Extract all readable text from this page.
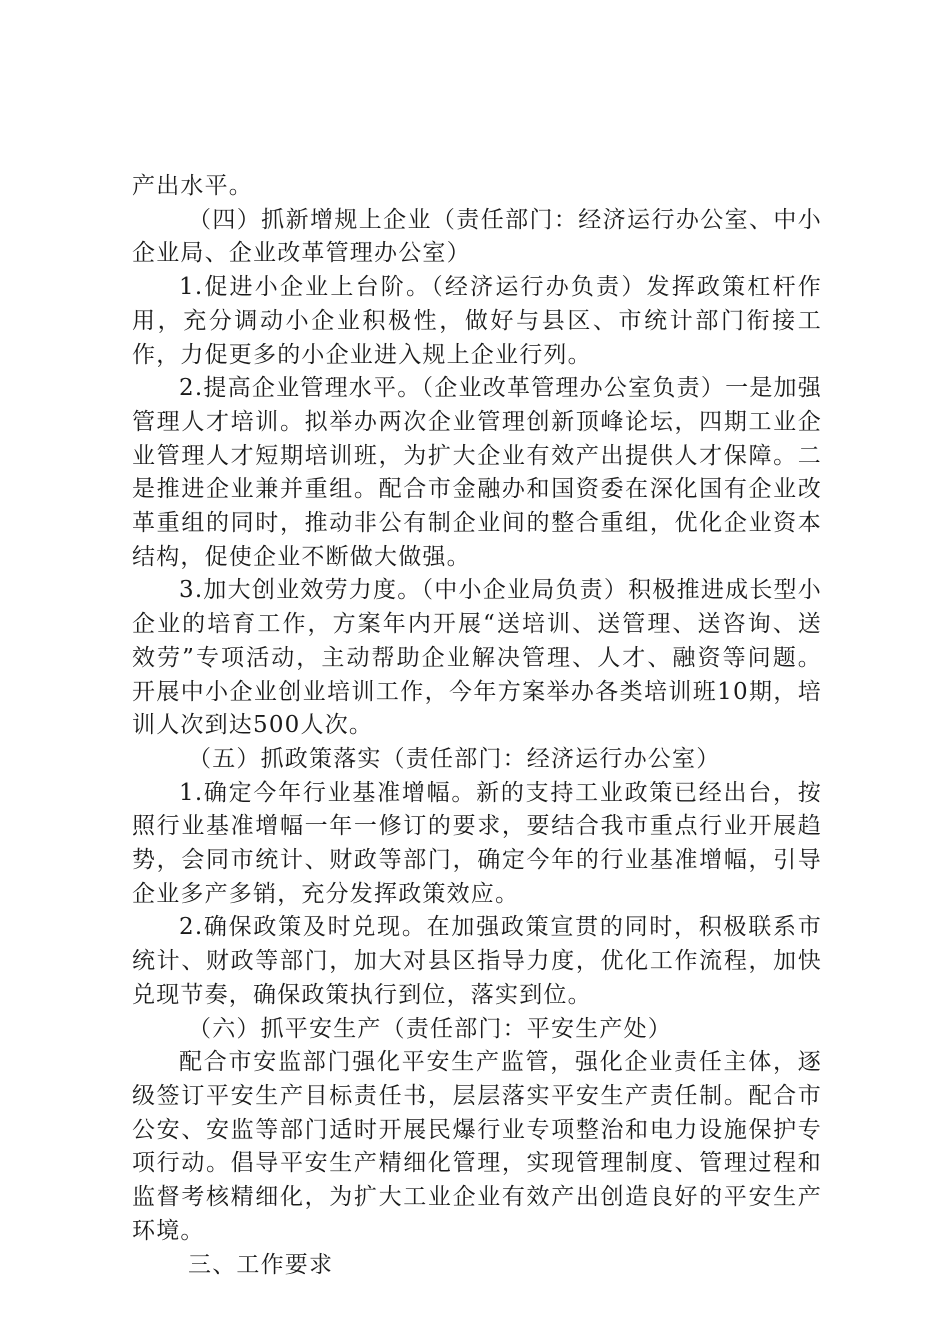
产出水平。

（四）抓新增规上企业（责任部门：经济运行办公室、中小企业局、企业改革管理办公室）

1.促进小企业上台阶。（经济运行办负责）发挥政策杠杆作用，充分调动小企业积极性，做好与县区、市统计部门衔接工作，力促更多的小企业进入规上企业行列。

2.提高企业管理水平。（企业改革管理办公室负责）一是加强管理人才培训。拟举办两次企业管理创新顶峰论坛，四期工业企业管理人才短期培训班，为扩大企业有效产出提供人才保障。二是推进企业兼并重组。配合市金融办和国资委在深化国有企业改革重组的同时，推动非公有制企业间的整合重组，优化企业资本结构，促使企业不断做大做强。

3.加大创业效劳力度。（中小企业局负责）积极推进成长型小企业的培育工作，方案年内开展“送培训、送管理、送咨询、送效劳”专项活动，主动帮助企业解决管理、人才、融资等问题。开展中小企业创业培训工作，今年方案举办各类培训班10期，培训人次到达500人次。

（五）抓政策落实（责任部门：经济运行办公室）

1.确定今年行业基准增幅。新的支持工业政策已经出台，按照行业基准增幅一年一修订的要求，要结合我市重点行业开展趋势，会同市统计、财政等部门，确定今年的行业基准增幅，引导企业多产多销，充分发挥政策效应。

2.确保政策及时兑现。在加强政策宣贯的同时，积极联系市统计、财政等部门，加大对县区指导力度，优化工作流程，加快兑现节奏，确保政策执行到位，落实到位。

（六）抓平安生产（责任部门：平安生产处）

配合市安监部门强化平安生产监管，强化企业责任主体，逐级签订平安生产目标责任书，层层落实平安生产责任制。配合市公安、安监等部门适时开展民爆行业专项整治和电力设施保护专项行动。倡导平安生产精细化管理，实现管理制度、管理过程和监督考核精细化，为扩大工业企业有效产出创造良好的平安生产环境。

三、工作要求
